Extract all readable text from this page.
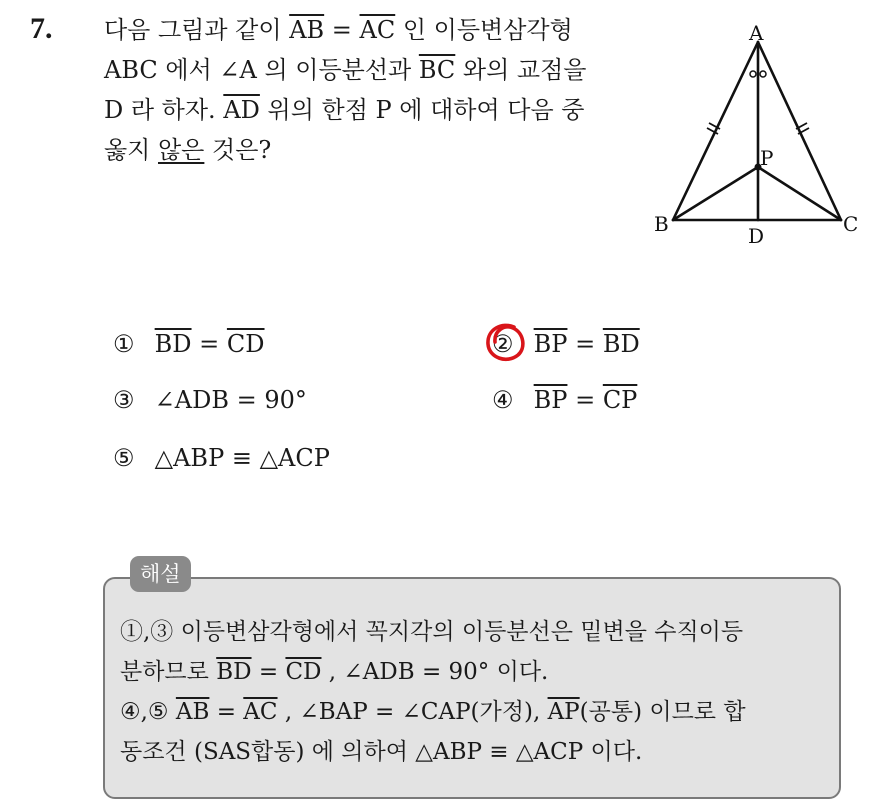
7. 다음 그림과 같이 $\overline{AB} = \overline{AC}$ 인 이등변삼각형
ABC 에서 ∠A 의 이등분선과 $\overline{BC}$ 와의 교점을
D 라 하자. $\overline{AD}$ 위의 한점 P 에 대하여 다음 중
옳지 않은 것은?
A
B	C
D
P
① $\overline{BD} = \overline{CD}$	② $\overline{BP} = \overline{BD}$
③ ∠ADB = 90°	④ $\overline{BP} = \overline{CP}$
⑤ △ABP ≡ △ACP
해설
①,③ 이등변삼각형에서 꼭지각의 이등분선은 밑변을 수직이등
분하므로 $\overline{BD} = \overline{CD}$ , ∠ADB = 90° 이다.
④,⑤ $\overline{AB} = \overline{AC}$ , ∠BAP = ∠CAP(가정), $\overline{AP}$(공통) 이므로 합
동조건 (SAS합동) 에 의하여 △ABP ≡ △ACP 이다.
